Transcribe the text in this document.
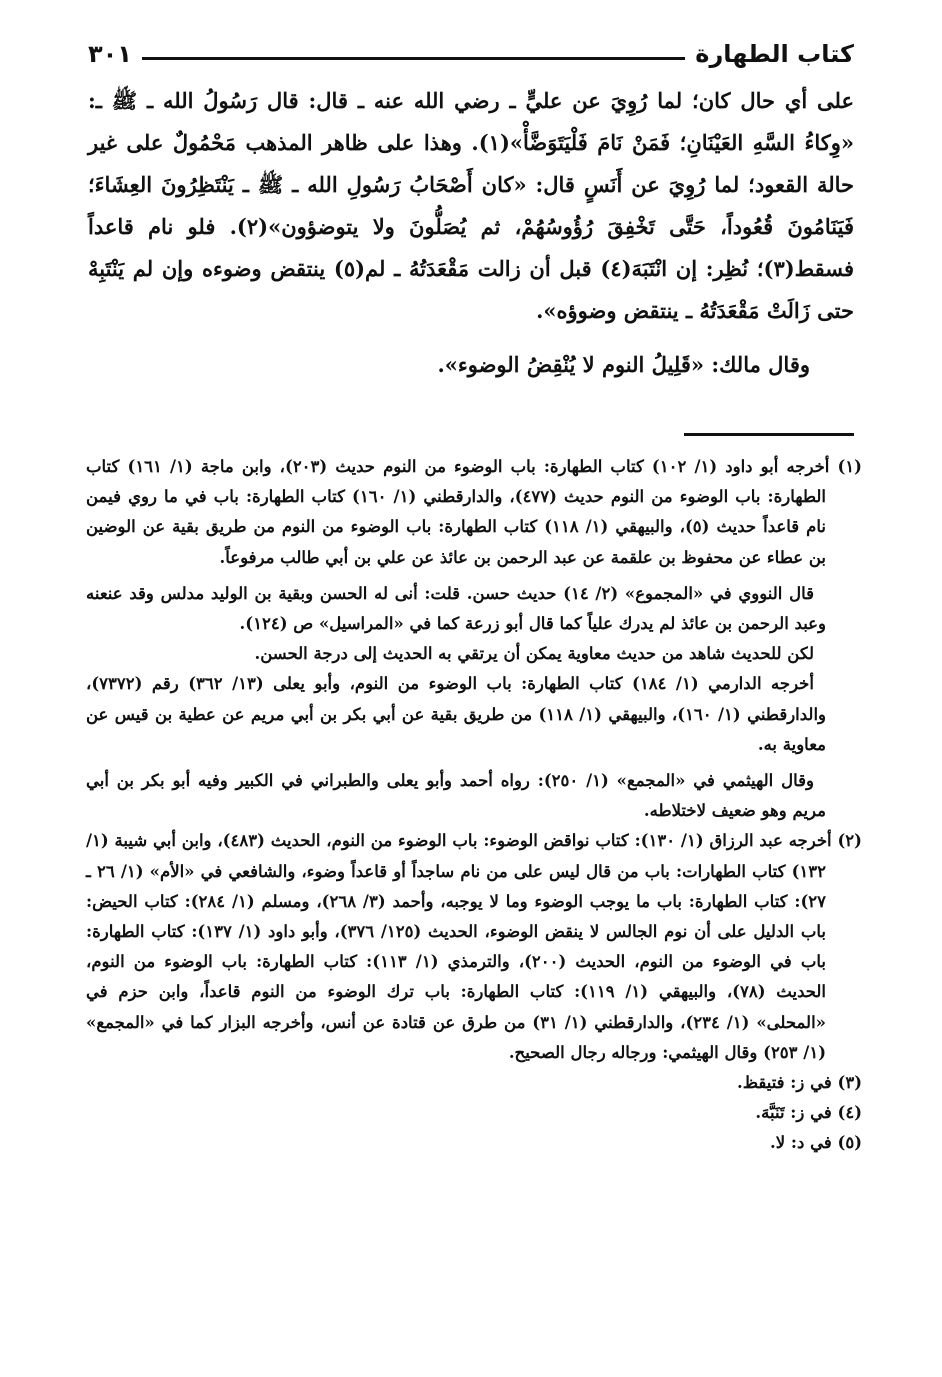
كتاب الطهارة
٣٠١

على أي حال كان؛ لما رُوِيَ عن عليٍّ ـ رضي الله عنه ـ قال: قال رَسُولُ الله ـ ﷺ ـ: «وِكاءُ السَّهِ العَيْنَانِ؛ فَمَنْ نَامَ فَلْيَتَوَضَّأْ»(١). وهذا على ظاهر المذهب مَحْمُولٌ على غير حالة القعود؛ لما رُوِيَ عن أَنَسٍ قال: «كان أَصْحَابُ رَسُولِ الله ـ ﷺ ـ يَنْتَظِرُونَ العِشَاءَ؛ فَيَنَامُونَ قُعُوداً، حَتَّى تَخْفِقَ رُؤُوسُهُمْ، ثم يُصَلُّونَ ولا يتوضؤون»(٢). فلو نام قاعداً فسقط(٣)؛ نُظِر: إن انْتَبَهَ(٤) قبل أن زالت مَقْعَدَتُهُ ـ لم(٥) ينتقض وضوءه وإن لم يَنْتَبِهْ حتى زَالَتْ مَقْعَدَتُهُ ـ ينتقض وضوؤه».

وقال مالك: «قَلِيلُ النوم لا يُنْقِضُ الوضوء».

(١) أخرجه أبو داود (١/ ١٠٢) كتاب الطهارة: باب الوضوء من النوم حديث (٢٠٣)، وابن ماجة (١/ ١٦١) كتاب الطهارة: باب الوضوء من النوم حديث (٤٧٧)، والدارقطني (١/ ١٦٠) كتاب الطهارة: باب في ما روي فيمن نام قاعداً حديث (٥)، والبيهقي (١/ ١١٨) كتاب الطهارة: باب الوضوء من النوم من طريق بقية عن الوضين بن عطاء عن محفوظ بن علقمة عن عبد الرحمن بن عائذ عن علي بن أبي طالب مرفوعاً.

قال النووي في «المجموع» (٢/ ١٤) حديث حسن. قلت: أنى له الحسن وبقية بن الوليد مدلس وقد عنعنه وعبد الرحمن بن عائذ لم يدرك علياً كما قال أبو زرعة كما في «المراسيل» ص (١٢٤).

لكن للحديث شاهد من حديث معاوية يمكن أن يرتقي به الحديث إلى درجة الحسن.

أخرجه الدارمي (١/ ١٨٤) كتاب الطهارة: باب الوضوء من النوم، وأبو يعلى (١٣/ ٣٦٢) رقم (٧٣٧٢)، والدارقطني (١/ ١٦٠)، والبيهقي (١/ ١١٨) من طريق بقية عن أبي بكر بن أبي مريم عن عطية بن قيس عن معاوية به.

وقال الهيثمي في «المجمع» (١/ ٢٥٠): رواه أحمد وأبو يعلى والطبراني في الكبير وفيه أبو بكر بن أبي مريم وهو ضعيف لاختلاطه.

(٢) أخرجه عبد الرزاق (١/ ١٣٠): كتاب نواقض الوضوء: باب الوضوء من النوم، الحديث (٤٨٣)، وابن أبي شيبة (١/ ١٣٢) كتاب الطهارات: باب من قال ليس على من نام ساجداً أو قاعداً وضوء، والشافعي في «الأم» (١/ ٢٦ ـ ٢٧): كتاب الطهارة: باب ما يوجب الوضوء وما لا يوجبه، وأحمد (٣/ ٢٦٨)، ومسلم (١/ ٢٨٤): كتاب الحيض: باب الدليل على أن نوم الجالس لا ينقض الوضوء، الحديث (١٢٥/ ٣٧٦)، وأبو داود (١/ ١٣٧): كتاب الطهارة: باب في الوضوء من النوم، الحديث (٢٠٠)، والترمذي (١/ ١١٣): كتاب الطهارة: باب الوضوء من النوم، الحديث (٧٨)، والبيهقي (١/ ١١٩): كتاب الطهارة: باب ترك الوضوء من النوم قاعداً، وابن حزم في «المحلى» (١/ ٢٣٤)، والدارقطني (١/ ٣١) من طرق عن قتادة عن أنس، وأخرجه البزار كما في «المجمع» (١/ ٢٥٣) وقال الهيثمي: ورجاله رجال الصحيح.

(٣) في ز: فتيقظ.

(٤) في ز: تَنَبَّهَ.

(٥) في د: لا.
